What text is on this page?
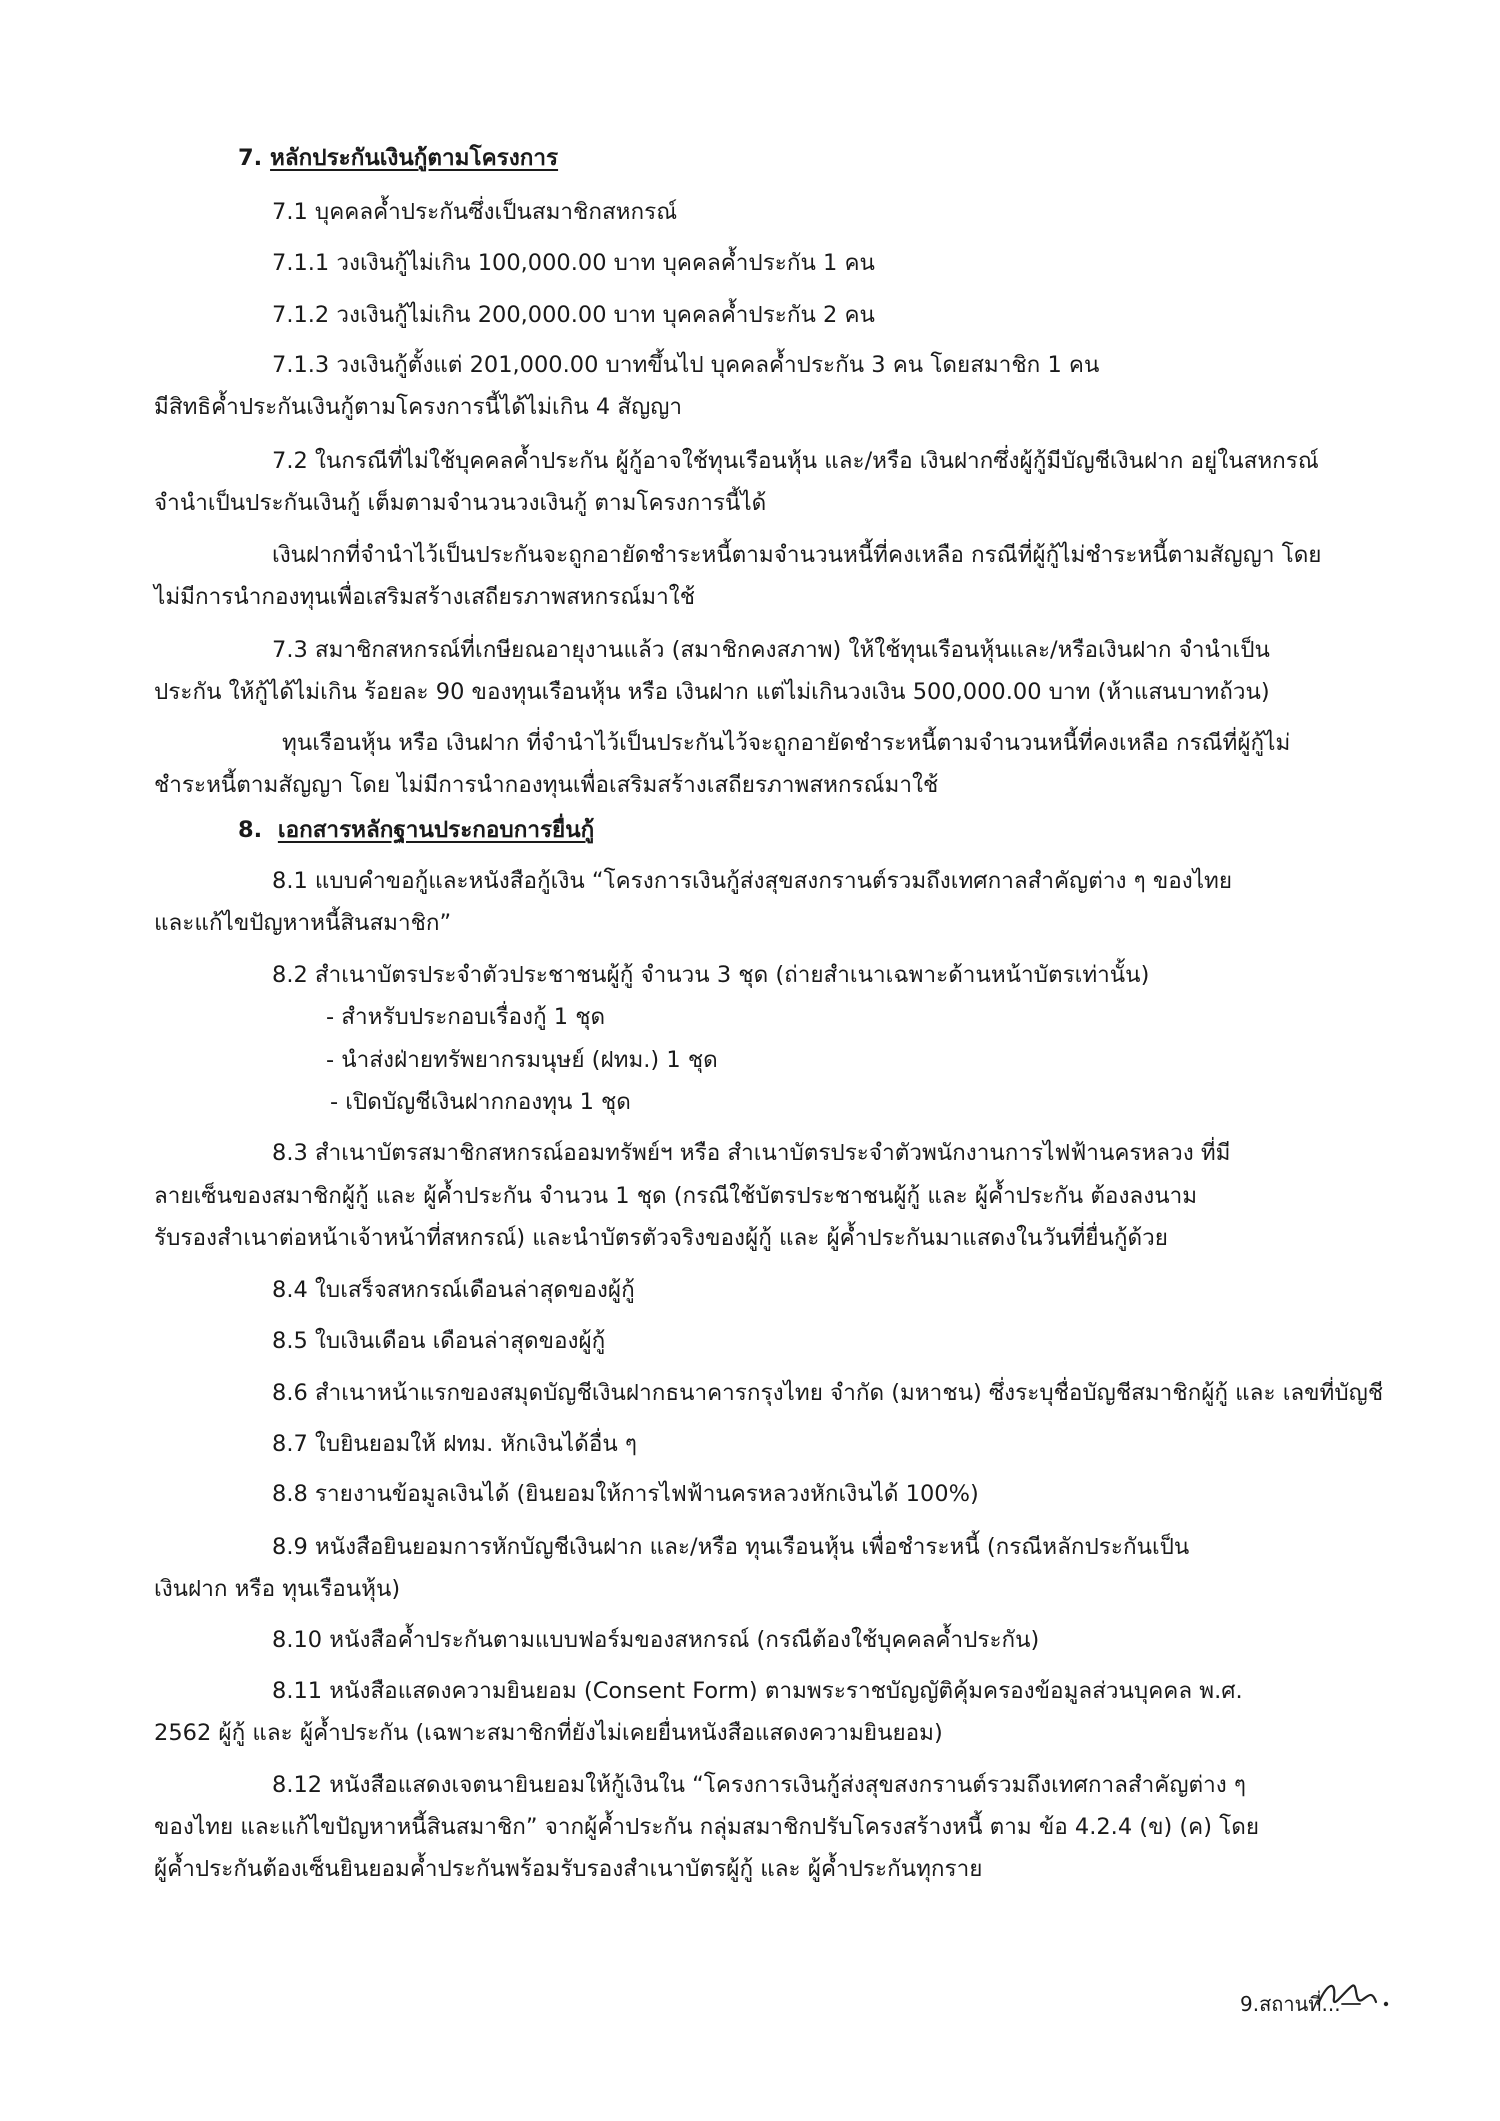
7. หลักประกันเงินกู้ตามโครงการ
7.1 บุคคลค้ำประกันซึ่งเป็นสมาชิกสหกรณ์
7.1.1 วงเงินกู้ไม่เกิน 100,000.00 บาท บุคคลค้ำประกัน 1 คน
7.1.2 วงเงินกู้ไม่เกิน 200,000.00 บาท บุคคลค้ำประกัน 2 คน
7.1.3 วงเงินกู้ตั้งแต่ 201,000.00 บาทขึ้นไป บุคคลค้ำประกัน 3 คน โดยสมาชิก 1 คน
มีสิทธิค้ำประกันเงินกู้ตามโครงการนี้ได้ไม่เกิน 4 สัญญา
7.2 ในกรณีที่ไม่ใช้บุคคลค้ำประกัน ผู้กู้อาจใช้ทุนเรือนหุ้น และ/หรือ เงินฝากซึ่งผู้กู้มีบัญชีเงินฝาก อยู่ในสหกรณ์
จำนำเป็นประกันเงินกู้ เต็มตามจำนวนวงเงินกู้ ตามโครงการนี้ได้
เงินฝากที่จำนำไว้เป็นประกันจะถูกอายัดชำระหนี้ตามจำนวนหนี้ที่คงเหลือ กรณีที่ผู้กู้ไม่ชำระหนี้ตามสัญญา โดย
ไม่มีการนำกองทุนเพื่อเสริมสร้างเสถียรภาพสหกรณ์มาใช้
7.3 สมาชิกสหกรณ์ที่เกษียณอายุงานแล้ว (สมาชิกคงสภาพ) ให้ใช้ทุนเรือนหุ้นและ/หรือเงินฝาก จำนำเป็น
ประกัน ให้กู้ได้ไม่เกิน ร้อยละ 90 ของทุนเรือนหุ้น หรือ เงินฝาก แต่ไม่เกินวงเงิน 500,000.00 บาท (ห้าแสนบาทถ้วน)
ทุนเรือนหุ้น หรือ เงินฝาก ที่จำนำไว้เป็นประกันไว้จะถูกอายัดชำระหนี้ตามจำนวนหนี้ที่คงเหลือ กรณีที่ผู้กู้ไม่
ชำระหนี้ตามสัญญา โดย ไม่มีการนำกองทุนเพื่อเสริมสร้างเสถียรภาพสหกรณ์มาใช้
8. เอกสารหลักฐานประกอบการยื่นกู้
8.1 แบบคำขอกู้และหนังสือกู้เงิน “โครงการเงินกู้ส่งสุขสงกรานต์รวมถึงเทศกาลสำคัญต่าง ๆ ของไทย
และแก้ไขปัญหาหนี้สินสมาชิก”
8.2 สำเนาบัตรประจำตัวประชาชนผู้กู้ จำนวน 3 ชุด (ถ่ายสำเนาเฉพาะด้านหน้าบัตรเท่านั้น)
- สำหรับประกอบเรื่องกู้ 1 ชุด
- นำส่งฝ่ายทรัพยากรมนุษย์ (ฝทม.) 1 ชุด
- เปิดบัญชีเงินฝากกองทุน 1 ชุด
8.3 สำเนาบัตรสมาชิกสหกรณ์ออมทรัพย์ฯ หรือ สำเนาบัตรประจำตัวพนักงานการไฟฟ้านครหลวง ที่มี
ลายเซ็นของสมาชิกผู้กู้ และ ผู้ค้ำประกัน จำนวน 1 ชุด (กรณีใช้บัตรประชาชนผู้กู้ และ ผู้ค้ำประกัน ต้องลงนาม
รับรองสำเนาต่อหน้าเจ้าหน้าที่สหกรณ์) และนำบัตรตัวจริงของผู้กู้ และ ผู้ค้ำประกันมาแสดงในวันที่ยื่นกู้ด้วย
8.4 ใบเสร็จสหกรณ์เดือนล่าสุดของผู้กู้
8.5 ใบเงินเดือน เดือนล่าสุดของผู้กู้
8.6 สำเนาหน้าแรกของสมุดบัญชีเงินฝากธนาคารกรุงไทย จำกัด (มหาชน) ซึ่งระบุชื่อบัญชีสมาชิกผู้กู้ และ เลขที่บัญชี
8.7 ใบยินยอมให้ ฝทม. หักเงินได้อื่น ๆ
8.8 รายงานข้อมูลเงินได้ (ยินยอมให้การไฟฟ้านครหลวงหักเงินได้ 100%)
8.9 หนังสือยินยอมการหักบัญชีเงินฝาก และ/หรือ ทุนเรือนหุ้น เพื่อชำระหนี้ (กรณีหลักประกันเป็น
เงินฝาก หรือ ทุนเรือนหุ้น)
8.10 หนังสือค้ำประกันตามแบบฟอร์มของสหกรณ์ (กรณีต้องใช้บุคคลค้ำประกัน)
8.11 หนังสือแสดงความยินยอม (Consent Form) ตามพระราชบัญญัติคุ้มครองข้อมูลส่วนบุคคล พ.ศ.
2562 ผู้กู้ และ ผู้ค้ำประกัน (เฉพาะสมาชิกที่ยังไม่เคยยื่นหนังสือแสดงความยินยอม)
8.12 หนังสือแสดงเจตนายินยอมให้กู้เงินใน “โครงการเงินกู้ส่งสุขสงกรานต์รวมถึงเทศกาลสำคัญต่าง ๆ
ของไทย และแก้ไขปัญหาหนี้สินสมาชิก” จากผู้ค้ำประกัน กลุ่มสมาชิกปรับโครงสร้างหนี้ ตาม ข้อ 4.2.4 (ข) (ค) โดย
ผู้ค้ำประกันต้องเซ็นยินยอมค้ำประกันพร้อมรับรองสำเนาบัตรผู้กู้ และ ผู้ค้ำประกันทุกราย
9.สถานที่...
